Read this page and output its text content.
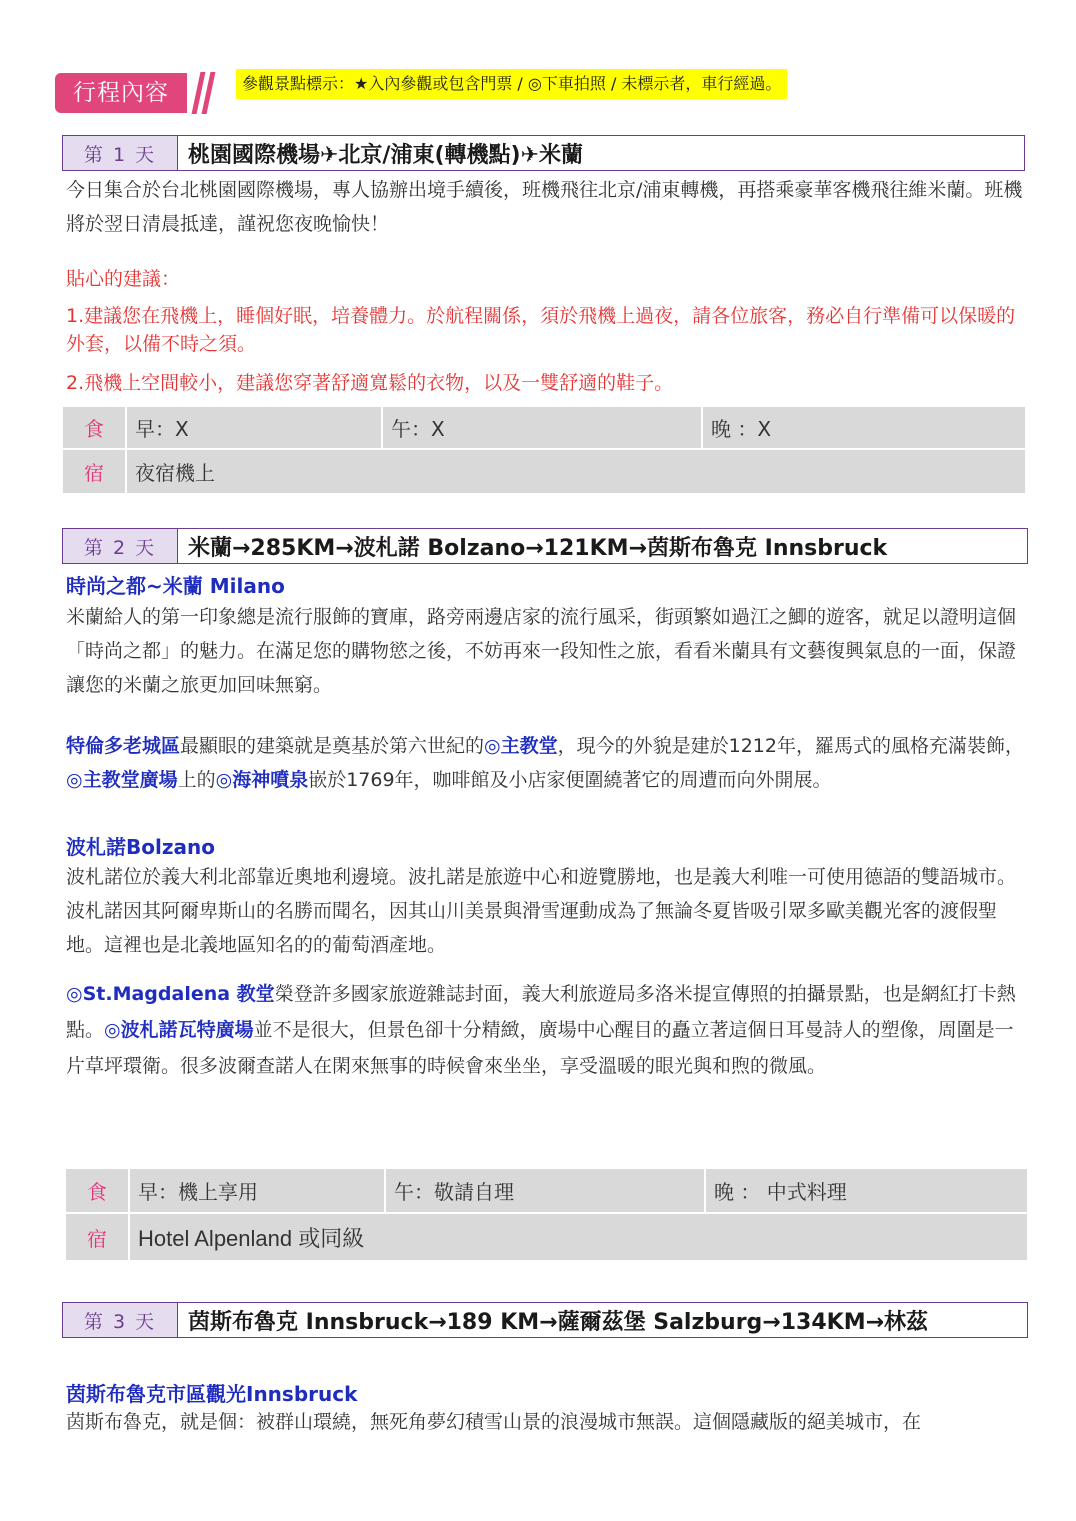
行程內容	參觀景點標示：★入內參觀或包含門票 / ◎下車拍照 / 未標示者，車行經過。
第 1 天	桃園國際機場✈北京/浦東(轉機點)✈米蘭
今日集合於台北桃園國際機場，專人協辦出境手續後，班機飛往北京/浦東轉機，再搭乘豪華客機飛往維米蘭。班機將於翌日清晨抵達，謹祝您夜晚愉快！
貼心的建議：
1.建議您在飛機上，睡個好眠，培養體力。於航程關係，須於飛機上過夜，請各位旅客，務必自行準備可以保暖的外套，以備不時之須。
2.飛機上空間較小，建議您穿著舒適寬鬆的衣物，以及一雙舒適的鞋子。
食	早：X	午：X	晚 ：X
宿	夜宿機上		
第 2 天	米蘭→285KM→波札諾 Bolzano→121KM→茵斯布魯克 Innsbruck
時尚之都~米蘭 Milano
米蘭給人的第一印象總是流行服飾的寶庫，路旁兩邊店家的流行風采，街頭繁如過江之鯽的遊客，就足以證明這個「時尚之都」的魅力。在滿足您的購物慾之後，不妨再來一段知性之旅，看看米蘭具有文藝復興氣息的一面，保證讓您的米蘭之旅更加回味無窮。
特倫多老城區最顯眼的建築就是奠基於第六世紀的◎主教堂，現今的外貌是建於1212年，羅馬式的風格充滿裝飾，◎主教堂廣場上的◎海神噴泉嵌於1769年，咖啡館及小店家便圍繞著它的周遭而向外開展。
波札諾Bolzano
波札諾位於義大利北部靠近奧地利邊境。波扎諾是旅遊中心和遊覽勝地，也是義大利唯一可使用德語的雙語城市。波札諾因其阿爾卑斯山的名勝而聞名，因其山川美景與滑雪運動成為了無論冬夏皆吸引眾多歐美觀光客的渡假聖地。這裡也是北義地區知名的的葡萄酒產地。
◎St.Magdalena 教堂榮登許多國家旅遊雜誌封面，義大利旅遊局多洛米提宣傳照的拍攝景點，也是網紅打卡熱點。◎波札諾瓦特廣場並不是很大，但景色卻十分精緻，廣場中心醒目的矗立著這個日耳曼詩人的塑像，周圍是一片草坪環衛。很多波爾查諾人在閑來無事的時候會來坐坐，享受溫暖的眼光與和煦的微風。
食	早：機上享用	午：敬請自理	晚 ： 中式料理
宿	Hotel Alpenland 或同級		
第 3 天	茵斯布魯克 Innsbruck→189 KM→薩爾茲堡 Salzburg→134KM→林茲
茵斯布魯克市區觀光Innsbruck
茵斯布魯克，就是個：被群山環繞，無死角夢幻積雪山景的浪漫城市無誤。這個隱藏版的絕美城市，在
